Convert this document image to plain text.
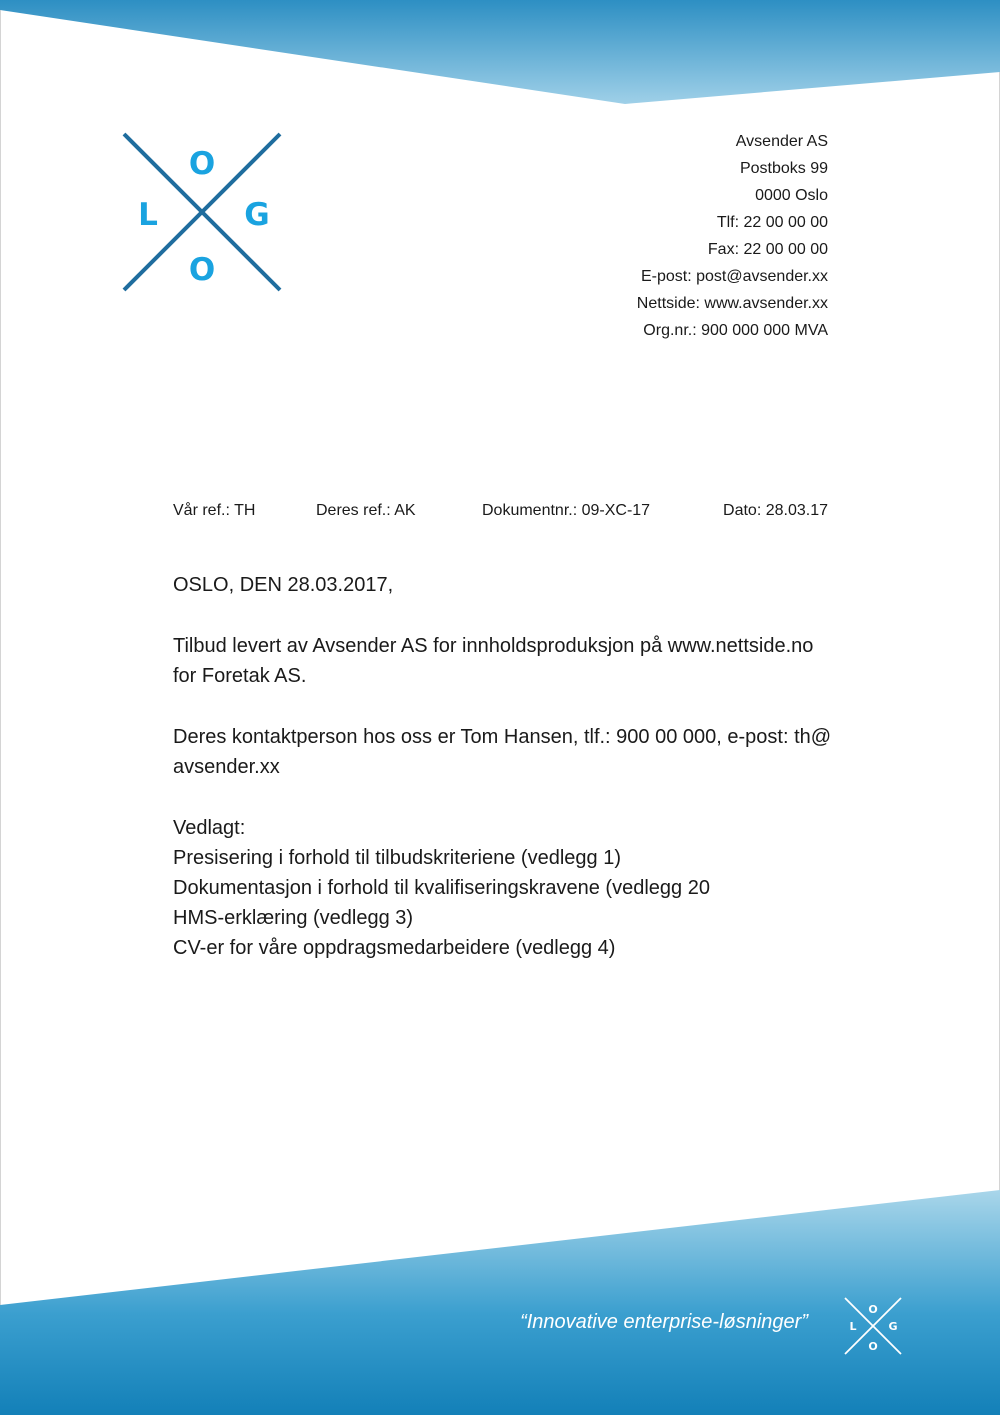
O
L	G
O
Avsender AS
Postboks 99
0000 Oslo
Tlf: 22 00 00 00
Fax: 22 00 00 00
E-post: post@avsender.xx
Nettside: www.avsender.xx
Org.nr.: 900 000 000 MVA
Vår ref.: TH	Deres ref.: AK	Dokumentnr.: 09-XC-17	Dato: 28.03.17

OSLO, DEN 28.03.2017,

Tilbud levert av Avsender AS for innholdsproduksjon på www.nettside.no

for Foretak AS.

Deres kontaktperson hos oss er Tom Hansen, tlf.: 900 00 000, e-post: th@

avsender.xx

Vedlagt:

Presisering i forhold til tilbudskriteriene (vedlegg 1)

Dokumentasjon i forhold til kvalifiseringskravene (vedlegg 20

HMS-erklæring (vedlegg 3)

CV-er for våre oppdragsmedarbeidere (vedlegg 4)

“Innovative enterprise-løsninger”
O
L	G
O
